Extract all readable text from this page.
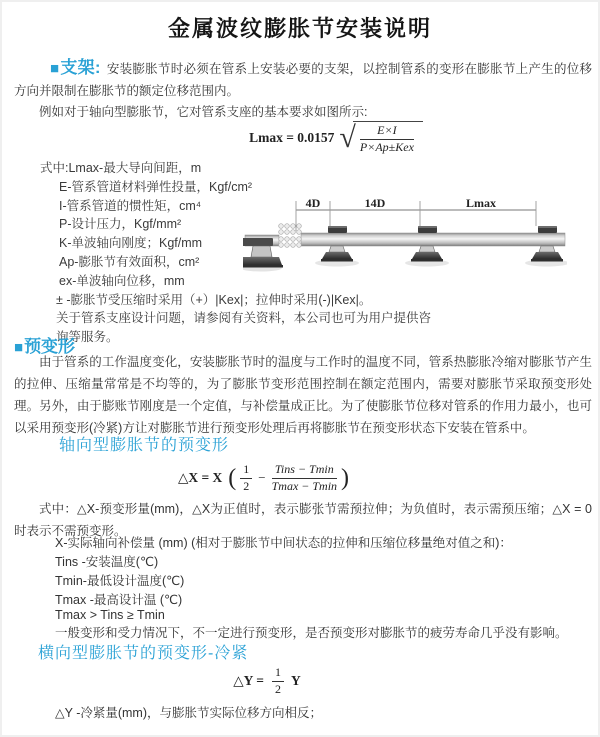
金属波纹膨胀节安装说明

■支架: 安装膨胀节时必须在管系上安装必要的支架，以控制管系的变形在膨胀节上产生的位移方向并限制在膨胀节的额定位移范围内。

例如对于轴向型膨胀节，它对管系支座的基本要求如图所示:

Lmax = 0.0157 √ $\frac{E\times I}{\text{P×Ap±Kex}}$
式中:Lmax-最大导向间距，m
E-管系管道材料弹性投量，Kgf/cm²
I-管系管道的惯性矩，cm⁴
P-设计压力，Kgf/mm²
K-单波轴向刚度；Kgf/mm
Ap-膨胀节有效面积，cm²
ex-单波轴向位移，mm
± -膨胀节受压缩时采用（+）|Kex|；拉伸时采用(-)|Kex|。
关于管系支座设计问题，请参阅有关资料，本公司也可为用户提供咨询等服务。
4D	14D	Lmax
■预变形

由于管系的工作温度变化，安装膨胀节时的温度与工作时的温度不同，管系热膨胀冷缩对膨胀节产生的拉伸、压缩量常常是不均等的，为了膨胀节变形范围控制在额定范围内，需要对膨胀节采取预变形处理。另外，由于膨账节刚度是一个定值，与补偿量成正比。为了使膨胀节位移对管系的作用力最小，也可以采用预变形(冷紧)方让对膨胀节进行预变形处理后再将膨胀节在预变形状态下安装在管系中。

轴向型膨胀节的预变形
△X = X ( $\frac{1}{2} - \frac{\text{Tins − Tmin}}{Tmax - Tmin}$ )

式中：△X-预变形量(mm)，△X为正值时，表示膨张节需预拉伸；为负值时，表示需预压缩；△X = 0时表示不需预变形。

X-实际轴向补偿量 (mm) (相对于膨胀节中间状态的拉伸和压缩位移量绝对值之和)：
Tins -安装温度(℃)
Tmin-最低设计温度(℃)
Tmax -最高设计温 (℃)
Tmax > Tins ≥ Tmin
一般变形和受力情况下，不一定进行预变形，是否预变形对膨胀节的疲劳寿命几乎没有影响。
横向型膨胀节的预变形-冷紧
△Y = $\frac{1}{2}$ Y
△Y -冷紧量(mm)，与膨胀节实际位移方向相反；
